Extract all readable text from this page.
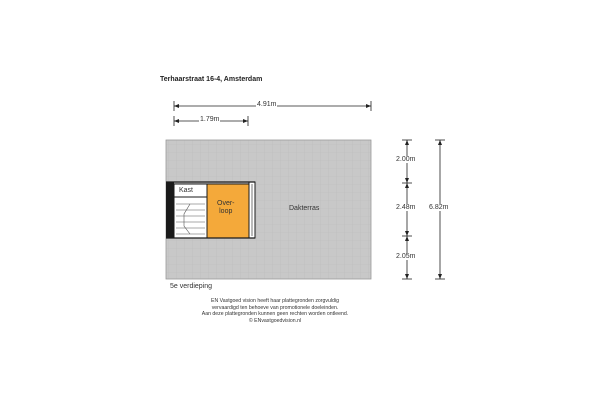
Terhaarstraat 16-4, Amsterdam
4.91m
1.79m
2.00m
2.48m
2.05m
6.82m
Kast
Over-
loop	Dakterras
5e verdieping
EN Vastgoed vision heeft haar plattegronden zorgvuldig
vervaardigd ten behoeve van promotionele doeleinden.
Aan deze plattegronden kunnen geen rechten worden ontleend.
© ENvastgoedvision.nl
